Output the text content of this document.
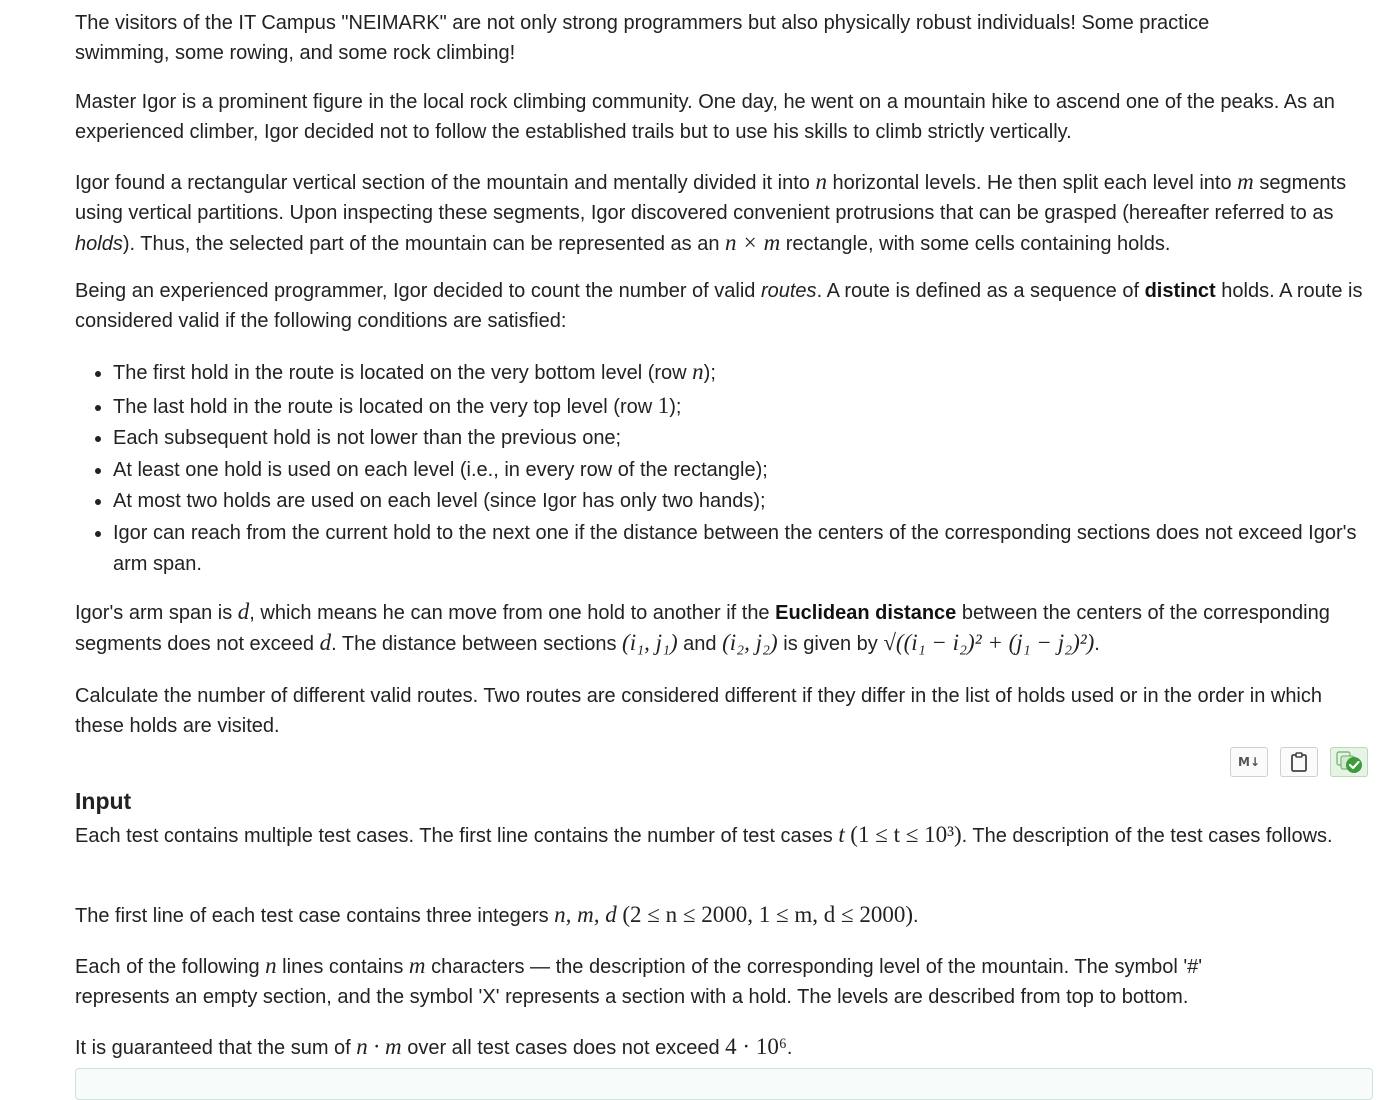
The visitors of the IT Campus "NEIMARK" are not only strong programmers but also physically robust individuals! Some practice swimming, some rowing, and some rock climbing!

Master Igor is a prominent figure in the local rock climbing community. One day, he went on a mountain hike to ascend one of the peaks. As an experienced climber, Igor decided not to follow the established trails but to use his skills to climb strictly vertically.

Igor found a rectangular vertical section of the mountain and mentally divided it into n horizontal levels. He then split each level into m segments using vertical partitions. Upon inspecting these segments, Igor discovered convenient protrusions that can be grasped (hereafter referred to as holds). Thus, the selected part of the mountain can be represented as an n × m rectangle, with some cells containing holds.

Being an experienced programmer, Igor decided to count the number of valid routes. A route is defined as a sequence of distinct holds. A route is considered valid if the following conditions are satisfied:

• The first hold in the route is located on the very bottom level (row n);
• The last hold in the route is located on the very top level (row 1);
• Each subsequent hold is not lower than the previous one;
• At least one hold is used on each level (i.e., in every row of the rectangle);
• At most two holds are used on each level (since Igor has only two hands);
• Igor can reach from the current hold to the next one if the distance between the centers of the corresponding sections does not exceed Igor's arm span.

Igor's arm span is d, which means he can move from one hold to another if the Euclidean distance between the centers of the corresponding segments does not exceed d. The distance between sections (i₁, j₁) and (i₂, j₂) is given by √((i₁ − i₂)² + (j₁ − j₂)²).

Calculate the number of different valid routes. Two routes are considered different if they differ in the list of holds used or in the order in which these holds are visited.

M↓
Input

Each test contains multiple test cases. The first line contains the number of test cases t (1 ≤ t ≤ 10³). The description of the test cases follows.

The first line of each test case contains three integers n, m, d (2 ≤ n ≤ 2000, 1 ≤ m, d ≤ 2000).

Each of the following n lines contains m characters — the description of the corresponding level of the mountain. The symbol '#' represents an empty section, and the symbol 'X' represents a section with a hold. The levels are described from top to bottom.

It is guaranteed that the sum of n · m over all test cases does not exceed 4 · 10⁶.
